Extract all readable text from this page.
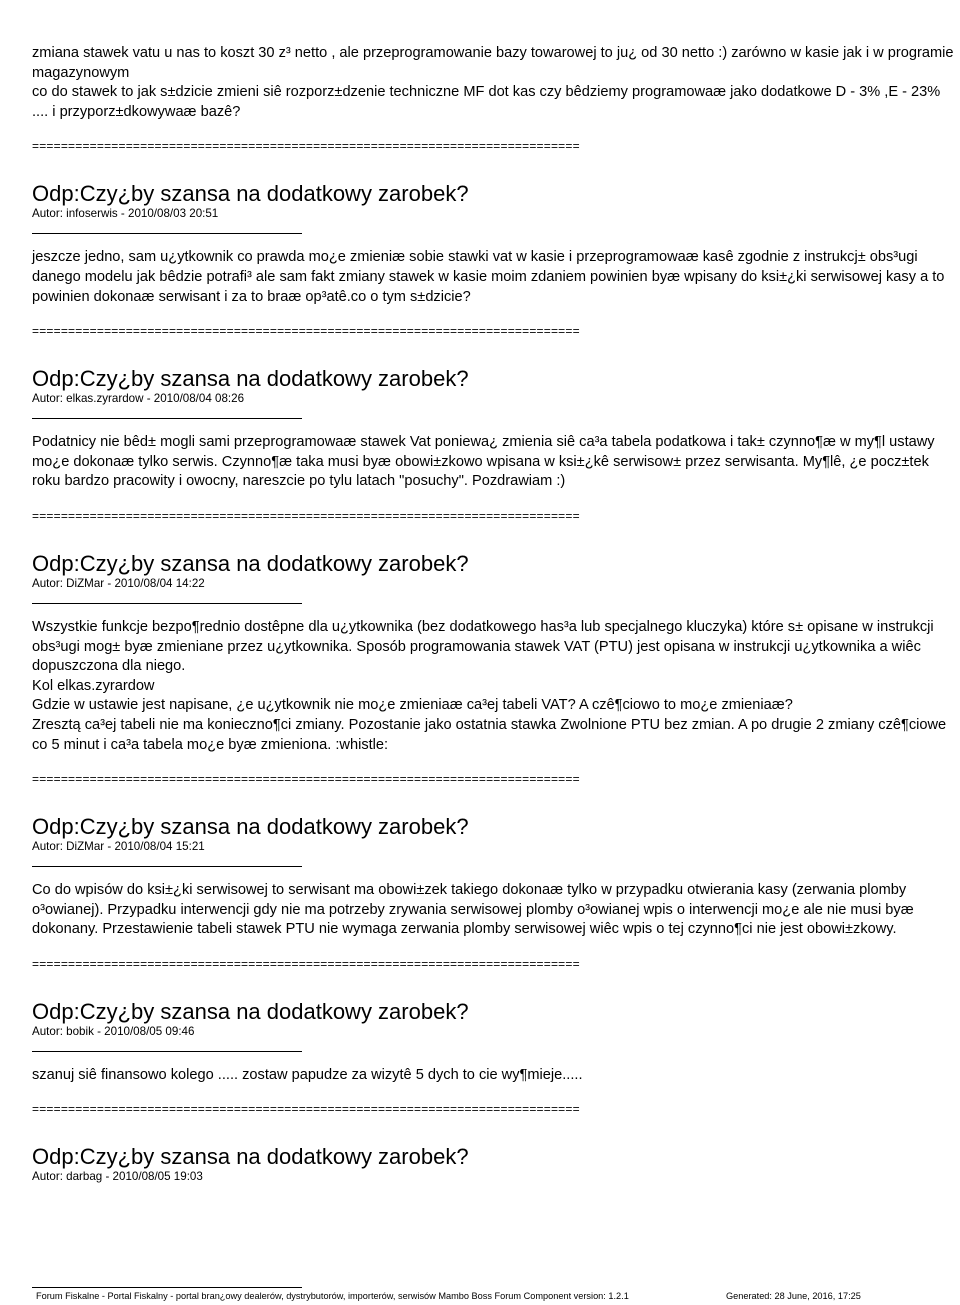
zmiana stawek vatu u nas to koszt 30 z³ netto , ale przeprogramowanie bazy towarowej to ju¿ od 30 netto :) zarówno w kasie jak i w programie magazynowym
co do stawek to jak s±dzicie zmieni siê rozporz±dzenie techniczne MF dot kas czy bêdziemy programowaæ jako dodatkowe D - 3% ,E - 23% .... i przyporz±dkowywaæ bazê?

============================================================================
Odp:Czy¿by szansa na dodatkowy zarobek?
Autor: infoserwis - 2010/08/03 20:51

jeszcze jedno, sam u¿ytkownik co prawda mo¿e zmieniæ sobie stawki vat w kasie i przeprogramowaæ kasê zgodnie z instrukcj± obs³ugi danego modelu jak bêdzie potrafi³ ale sam fakt zmiany stawek w kasie moim zdaniem powinien byæ wpisany do ksi±¿ki serwisowej kasy a to powinien dokonaæ serwisant i za to braæ op³atê.co o tym s±dzicie?

============================================================================
Odp:Czy¿by szansa na dodatkowy zarobek?
Autor: elkas.zyrardow - 2010/08/04 08:26

Podatnicy nie bêd± mogli sami przeprogramowaæ stawek Vat poniewa¿ zmienia siê ca³a tabela podatkowa i tak± czynno¶æ w my¶l ustawy mo¿e dokonaæ tylko serwis. Czynno¶æ taka musi byæ obowi±zkowo wpisana w ksi±¿kê serwisow± przez serwisanta. My¶lê, ¿e pocz±tek roku bardzo pracowity i owocny, nareszcie po tylu latach "posuchy". Pozdrawiam :)

============================================================================
Odp:Czy¿by szansa na dodatkowy zarobek?
Autor: DiZMar - 2010/08/04 14:22

Wszystkie funkcje bezpo¶rednio dostêpne dla u¿ytkownika (bez dodatkowego has³a lub specjalnego kluczyka) które s± opisane w instrukcji obs³ugi mog± byæ zmieniane przez u¿ytkownika. Sposób programowania stawek VAT (PTU) jest opisana w instrukcji u¿ytkownika a wiêc dopuszczona dla niego.
Kol elkas.zyrardow
Gdzie w ustawie jest napisane, ¿e u¿ytkownik nie mo¿e zmieniaæ ca³ej tabeli VAT? A czê¶ciowo to mo¿e zmieniaæ?
Zresztą ca³ej tabeli nie ma konieczno¶ci zmiany. Pozostanie jako ostatnia stawka Zwolnione PTU bez zmian. A po drugie 2 zmiany czê¶ciowe co 5 minut i ca³a tabela mo¿e byæ zmieniona. :whistle:

============================================================================
Odp:Czy¿by szansa na dodatkowy zarobek?
Autor: DiZMar - 2010/08/04 15:21

Co do wpisów do ksi±¿ki serwisowej to serwisant ma obowi±zek takiego dokonaæ tylko w przypadku otwierania kasy (zerwania plomby o³owianej). Przypadku interwencji gdy nie ma potrzeby zrywania serwisowej plomby o³owianej wpis o interwencji mo¿e ale nie musi byæ dokonany. Przestawienie tabeli stawek PTU nie wymaga zerwania plomby serwisowej wiêc wpis o tej czynno¶ci nie jest obowi±zkowy.

============================================================================
Odp:Czy¿by szansa na dodatkowy zarobek?
Autor: bobik - 2010/08/05 09:46

szanuj siê finansowo kolego ..... zostaw papudze za wizytê 5 dych to cie wy¶mieje.....

============================================================================
Odp:Czy¿by szansa na dodatkowy zarobek?
Autor: darbag - 2010/08/05 19:03
Forum Fiskalne - Portal Fiskalny - portal bran¿owy dealerów, dystrybutorów, importerów, serwisów Mambo Boss Forum Component version: 1.2.1	Generated: 28 June, 2016, 17:25
